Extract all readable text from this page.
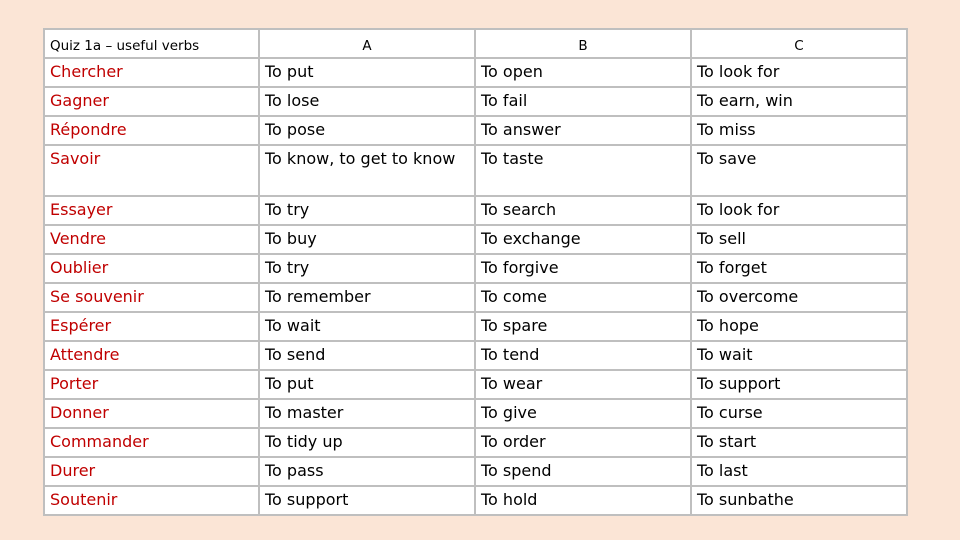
Quiz 1a – useful verbs	A	B	C
Chercher	To put	To open	To look for
Gagner	To lose	To fail	To earn, win
Répondre	To pose	To answer	To miss
Savoir	To know, to get to know	To taste	To save
Essayer	To try	To search	To look for
Vendre	To buy	To exchange	To sell
Oublier	To try	To forgive	To forget
Se souvenir	To remember	To come	To overcome
Espérer	To wait	To spare	To hope
Attendre	To send	To tend	To wait
Porter	To put	To wear	To support
Donner	To master	To give	To curse
Commander	To tidy up	To order	To start
Durer	To pass	To spend	To last
Soutenir	To support	To hold	To sunbathe
